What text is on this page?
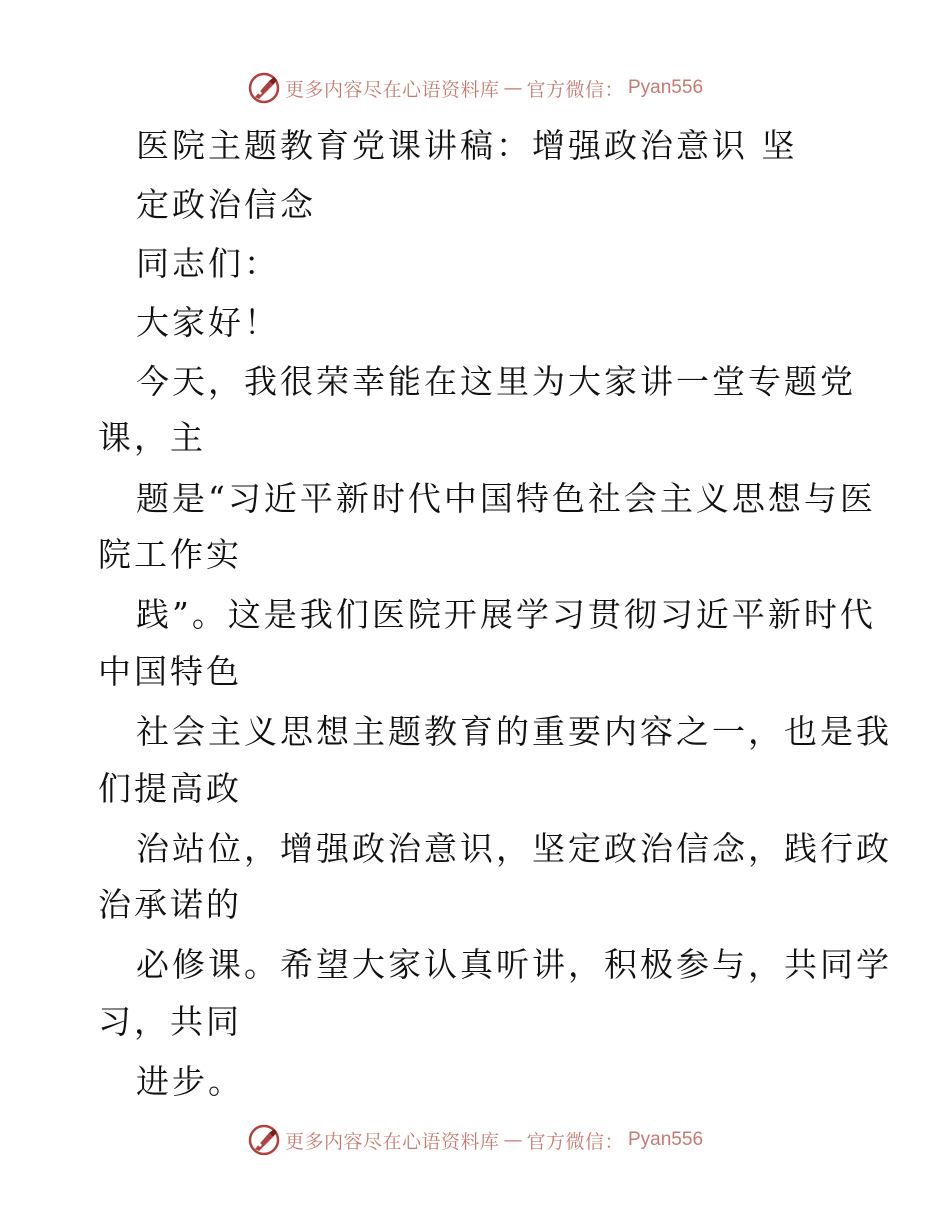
更多内容尽在心语资料库 — 官方微信： Pyan556
医院主题教育党课讲稿：增强政治意识 坚
定政治信念
同志们：
大家好！
今天，我很荣幸能在这里为大家讲一堂专题党
课，主
题是“习近平新时代中国特色社会主义思想与医
院工作实
践”。这是我们医院开展学习贯彻习近平新时代
中国特色
社会主义思想主题教育的重要内容之一，也是我
们提高政
治站位，增强政治意识，坚定政治信念，践行政
治承诺的
必修课。希望大家认真听讲，积极参与，共同学
习，共同
进步。
更多内容尽在心语资料库 — 官方微信： Pyan556
